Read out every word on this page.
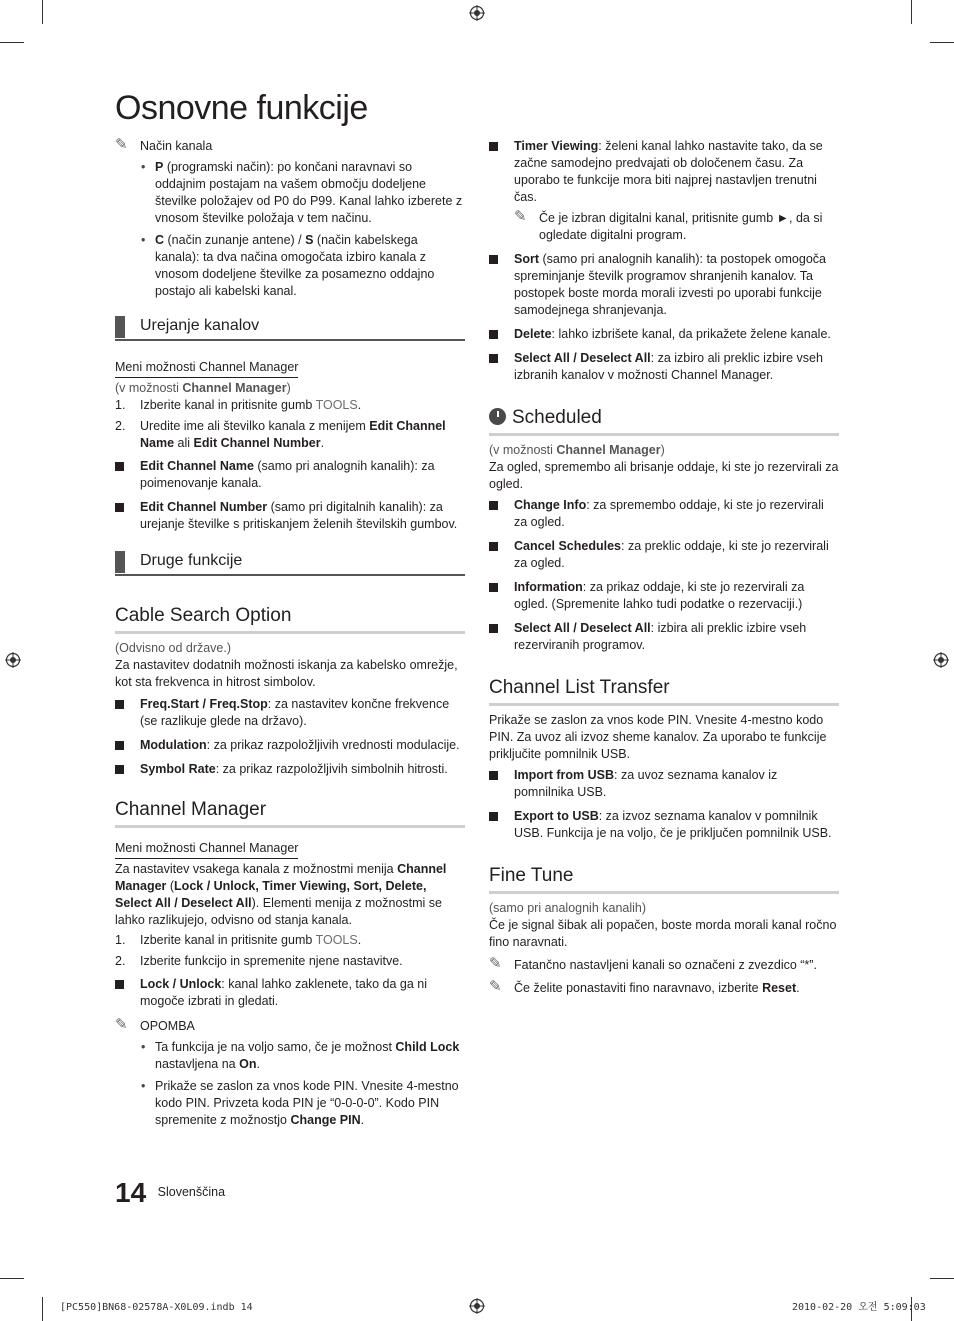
Osnovne funkcije
✎ Način kanala
• P (programski način): po končani naravnavi so oddajnim postajam na vašem območju dodeljene številke položajev od P0 do P99. Kanal lahko izberete z vnosom številke položaja v tem načinu.
• C (način zunanje antene) / S (način kabelskega kanala): ta dva načina omogočata izbiro kanala z vnosom dodeljene številke za posamezno oddajno postajo ali kabelski kanal.
Urejanje kanalov
Meni možnosti Channel Manager

(v možnosti Channel Manager)

1. Izberite kanal in pritisnite gumb TOOLS.
2. Uredite ime ali številko kanala z menijem Edit Channel Name ali Edit Channel Number.
Edit Channel Name (samo pri analognih kanalih): za poimenovanje kanala.
Edit Channel Number (samo pri digitalnih kanalih): za urejanje številke s pritiskanjem želenih številskih gumbov.
Druge funkcije
Cable Search Option

(Odvisno od države.)

Za nastavitev dodatnih možnosti iskanja za kabelsko omrežje, kot sta frekvenca in hitrost simbolov.

Freq.Start / Freq.Stop: za nastavitev končne frekvence (se razlikuje glede na državo).
Modulation: za prikaz razpoložljivih vrednosti modulacije.
Symbol Rate: za prikaz razpoložljivih simbolnih hitrosti.
Channel Manager
Meni možnosti Channel Manager

Za nastavitev vsakega kanala z možnostmi menija Channel Manager (Lock / Unlock, Timer Viewing, Sort, Delete, Select All / Deselect All). Elementi menija z možnostmi se lahko razlikujejo, odvisno od stanja kanala.

1. Izberite kanal in pritisnite gumb TOOLS.
2. Izberite funkcijo in spremenite njene nastavitve.
Lock / Unlock: kanal lahko zaklenete, tako da ga ni mogoče izbrati in gledati.
✎ OPOMBA
• Ta funkcija je na voljo samo, če je možnost Child Lock nastavljena na On.
• Prikaže se zaslon za vnos kode PIN. Vnesite 4-mestno kodo PIN. Privzeta koda PIN je “0-0-0-0”. Kodo PIN spremenite z možnostjo Change PIN.
Timer Viewing: želeni kanal lahko nastavite tako, da se začne samodejno predvajati ob določenem času. Za uporabo te funkcije mora biti najprej nastavljen trenutni čas.
✎ Če je izbran digitalni kanal, pritisnite gumb ►, da si ogledate digitalni program.
Sort (samo pri analognih kanalih): ta postopek omogoča spreminjanje številk programov shranjenih kanalov. Ta postopek boste morda morali izvesti po uporabi funkcije samodejnega shranjevanja.
Delete: lahko izbrišete kanal, da prikažete želene kanale.
Select All / Deselect All: za izbiro ali preklic izbire vseh izbranih kanalov v možnosti Channel Manager.
Scheduled

(v možnosti Channel Manager)

Za ogled, spremembo ali brisanje oddaje, ki ste jo rezervirali za ogled.

Change Info: za spremembo oddaje, ki ste jo rezervirali za ogled.
Cancel Schedules: za preklic oddaje, ki ste jo rezervirali za ogled.
Information: za prikaz oddaje, ki ste jo rezervirali za ogled. (Spremenite lahko tudi podatke o rezervaciji.)
Select All / Deselect All: izbira ali preklic izbire vseh rezerviranih programov.
Channel List Transfer

Prikaže se zaslon za vnos kode PIN. Vnesite 4-mestno kodo PIN. Za uvoz ali izvoz sheme kanalov. Za uporabo te funkcije priključite pomnilnik USB.

Import from USB: za uvoz seznama kanalov iz pomnilnika USB.
Export to USB: za izvoz seznama kanalov v pomnilnik USB. Funkcija je na voljo, če je priključen pomnilnik USB.
Fine Tune

(samo pri analognih kanalih)

Če je signal šibak ali popačen, boste morda morali kanal ročno fino naravnati.

✎ Fatančno nastavljeni kanali so označeni z zvezdico “*”.
✎ Če želite ponastaviti fino naravnavo, izberite Reset.
14 Slovenščina
[PC550]BN68-02578A-X0L09.indb 14	2010-02-20 오전 5:09:03
